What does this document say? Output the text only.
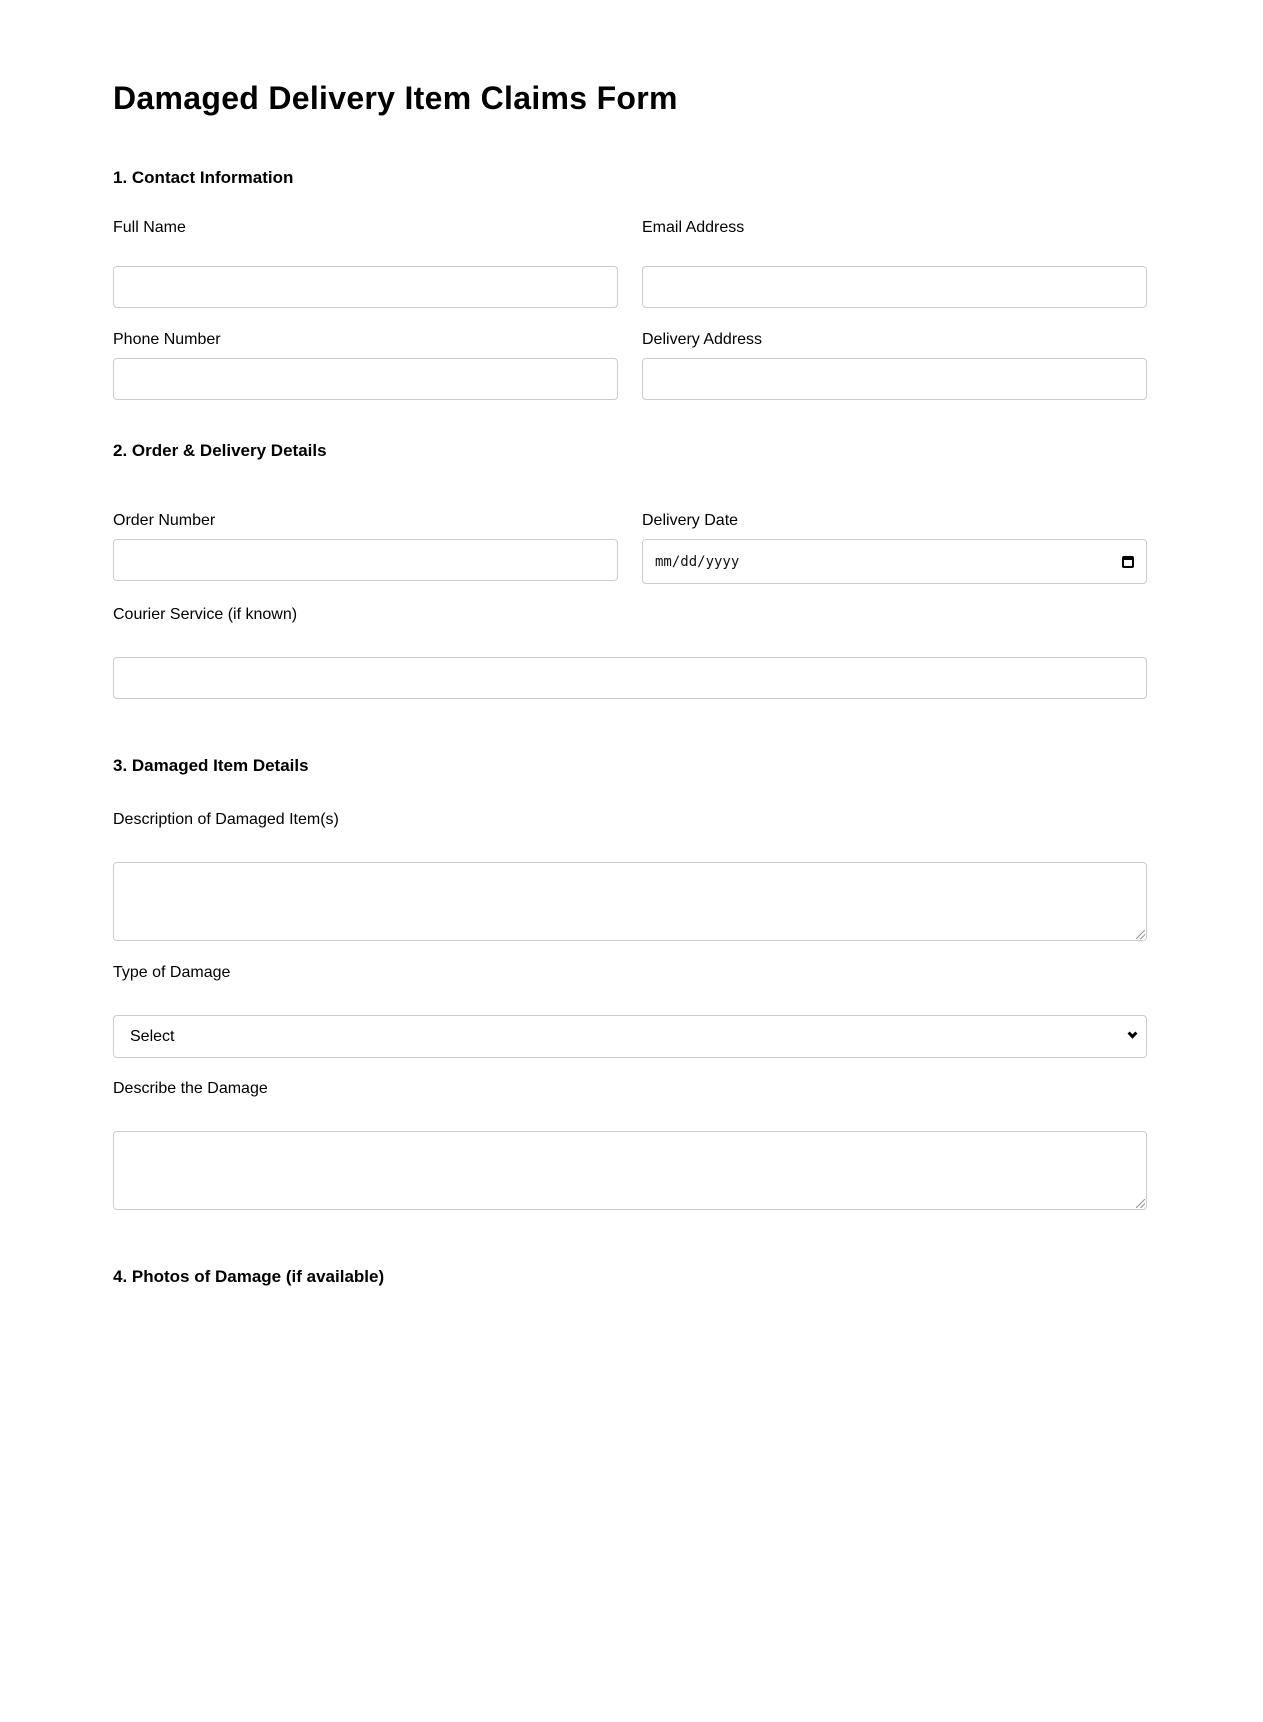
Damaged Delivery Item Claims Form
1. Contact Information
Full Name	Email Address
Phone Number	Delivery Address
2. Order & Delivery Details
Order Number	Delivery Date
mm/dd/yyyy
Courier Service (if known)
3. Damaged Item Details
Description of Damaged Item(s)
Type of Damage
Select
Describe the Damage
4. Photos of Damage (if available)
